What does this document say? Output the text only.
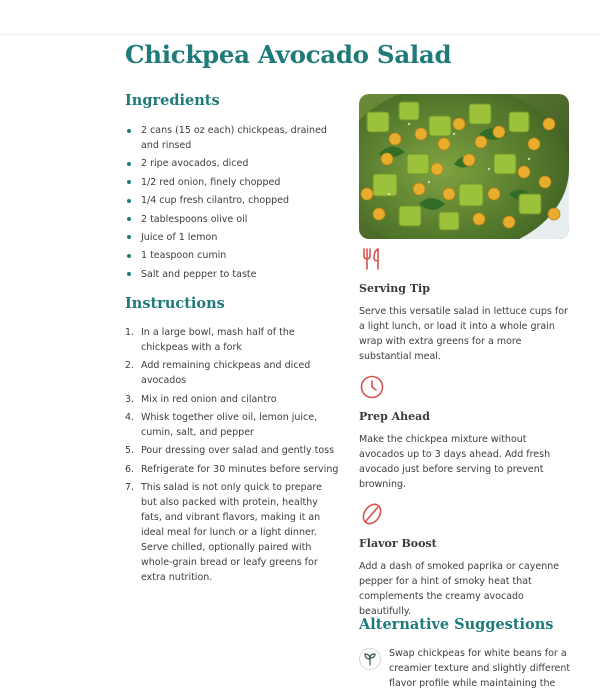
Chickpea Avocado Salad
Ingredients
2 cans (15 oz each) chickpeas, drained and rinsed
2 ripe avocados, diced
1/2 red onion, finely chopped
1/4 cup fresh cilantro, chopped
2 tablespoons olive oil
Juice of 1 lemon
1 teaspoon cumin
Salt and pepper to taste
Instructions
1. In a large bowl, mash half of the chickpeas with a fork
2. Add remaining chickpeas and diced avocados
3. Mix in red onion and cilantro
4. Whisk together olive oil, lemon juice, cumin, salt, and pepper
5. Pour dressing over salad and gently toss
6. Refrigerate for 30 minutes before serving
7. This salad is not only quick to prepare but also packed with protein, healthy fats, and vibrant flavors, making it an ideal meal for lunch or a light dinner. Serve chilled, optionally paired with whole-grain bread or leafy greens for extra nutrition.
Serving Tip

Serve this versatile salad in lettuce cups for a light lunch, or load it into a whole grain wrap with extra greens for a more substantial meal.

Prep Ahead

Make the chickpea mixture without avocados up to 3 days ahead. Add fresh avocado just before serving to prevent browning.

Flavor Boost

Add a dash of smoked paprika or cayenne pepper for a hint of smoky heat that complements the creamy avocado beautifully.

Alternative Suggestions

Swap chickpeas for white beans for a creamier texture and slightly different flavor profile while maintaining the
